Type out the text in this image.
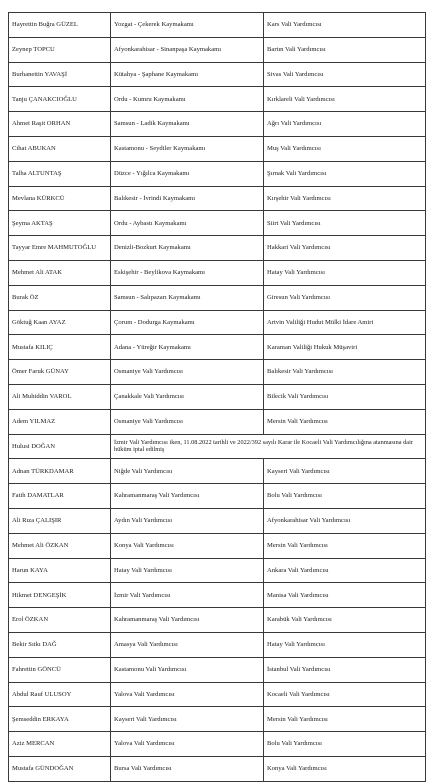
Hayrettin Buğra GÜZEL	Yozgat - Çekerek Kaymakamı	Kars Vali Yardımcısı
Zeynep TOPCU	Afyonkarahisar - Sinanpaşa Kaymakamı	Bartın Vali Yardımcısı
Burhanettin YAVAŞİ	Kütahya - Şaphane Kaymakamı	Sivas Vali Yardımcısı
Tanju ÇANAKCIOĞLU	Ordu - Kumru Kaymakamı	Kırklareli Vali Yardımcısı
Ahmet Raşit ORHAN	Samsun - Ladik Kaymakamı	Ağrı Vali Yardımcısı
Cihat ABUKAN	Kastamonu - Seydiler Kaymakamı	Muş Vali Yardımcısı
Talha ALTUNTAŞ	Düzce - Yığılca Kaymakamı	Şırnak Vali Yardımcısı
Mevlana KÜRKCÜ	Balıkesir - İvrindi Kaymakamı	Kırşehir Vali Yardımcısı
Şeyma AKTAŞ	Ordu - Aybastı Kaymakamı	Siirt Vali Yardımcısı
Tayyar Emre MAHMUTOĞLU	Denizli-Bozkurt Kaymakamı	Hakkari Vali Yardımcısı
Mehmet Ali ATAK	Eskişehir - Beylikova Kaymakamı	Hatay Vali Yardımcısı
Burak ÖZ	Samsun - Salıpazarı Kaymakamı	Giresun Vali Yardımcısı
Göktuğ Kaan AYAZ	Çorum - Dodurga Kaymakamı	Artvin Valiliği Hudut Mülki İdare Amiri
Mustafa KILIÇ	Adana - Yüreğir Kaymakamı	Karaman Valiliği Hukuk Müşaviri
Ömer Faruk GÜNAY	Osmaniye Vali Yardımcısı	Balıkesir Vali Yardımcısı
Ali Muhiddin VAROL	Çanakkale Vali Yardımcısı	Bilecik Vali Yardımcısı
Adem YILMAZ	Osmaniye Vali Yardımcısı	Mersin Vali Yardımcısı
Hulusi DOĞAN	İzmir Vali Yardımcısı iken, 11.08.2022 tarihli ve 2022/392 sayılı Karar ile Kocaeli Vali Yardımcılığına atanmasına dair hüküm iptal edilmiş	
Adnan TÜRKDAMAR	Niğde Vali Yardımcısı	Kayseri Vali Yardımcısı
Fatih DAMATLAR	Kahramanmaraş Vali Yardımcısı	Bolu Vali Yardımcısı
Ali Rıza ÇALIŞIR	Aydın Vali Yardımcısı	Afyonkarahisar Vali Yardımcısı
Mehmet Ali ÖZKAN	Konya Vali Yardımcısı	Mersin Vali Yardımcısı
Harun KAYA	Hatay Vali Yardımcısı	Ankara Vali Yardımcısı
Hikmet DENGEŞİK	İzmir Vali Yardımcısı	Manisa Vali Yardımcısı
Erol ÖZKAN	Kahramanmaraş Vali Yardımcısı	Karabük Vali Yardımcısı
Bekir Sıtkı DAĞ	Amasya Vali Yardımcısı	Hatay Vali Yardımcısı
Fahrettin GÖNCÜ	Kastamonu Vali Yardımcısı	İstanbul Vali Yardımcısı
Abdul Rauf ULUSOY	Yalova Vali Yardımcısı	Kocaeli Vali Yardımcısı
Şemseddin ERKAYA	Kayseri Vali Yardımcısı	Mersin Vali Yardımcısı
Aziz MERCAN	Yalova Vali Yardımcısı	Bolu Vali Yardımcısı
Mustafa GÜNDOĞAN	Bursa Vali Yardımcısı	Konya Vali Yardımcısı
